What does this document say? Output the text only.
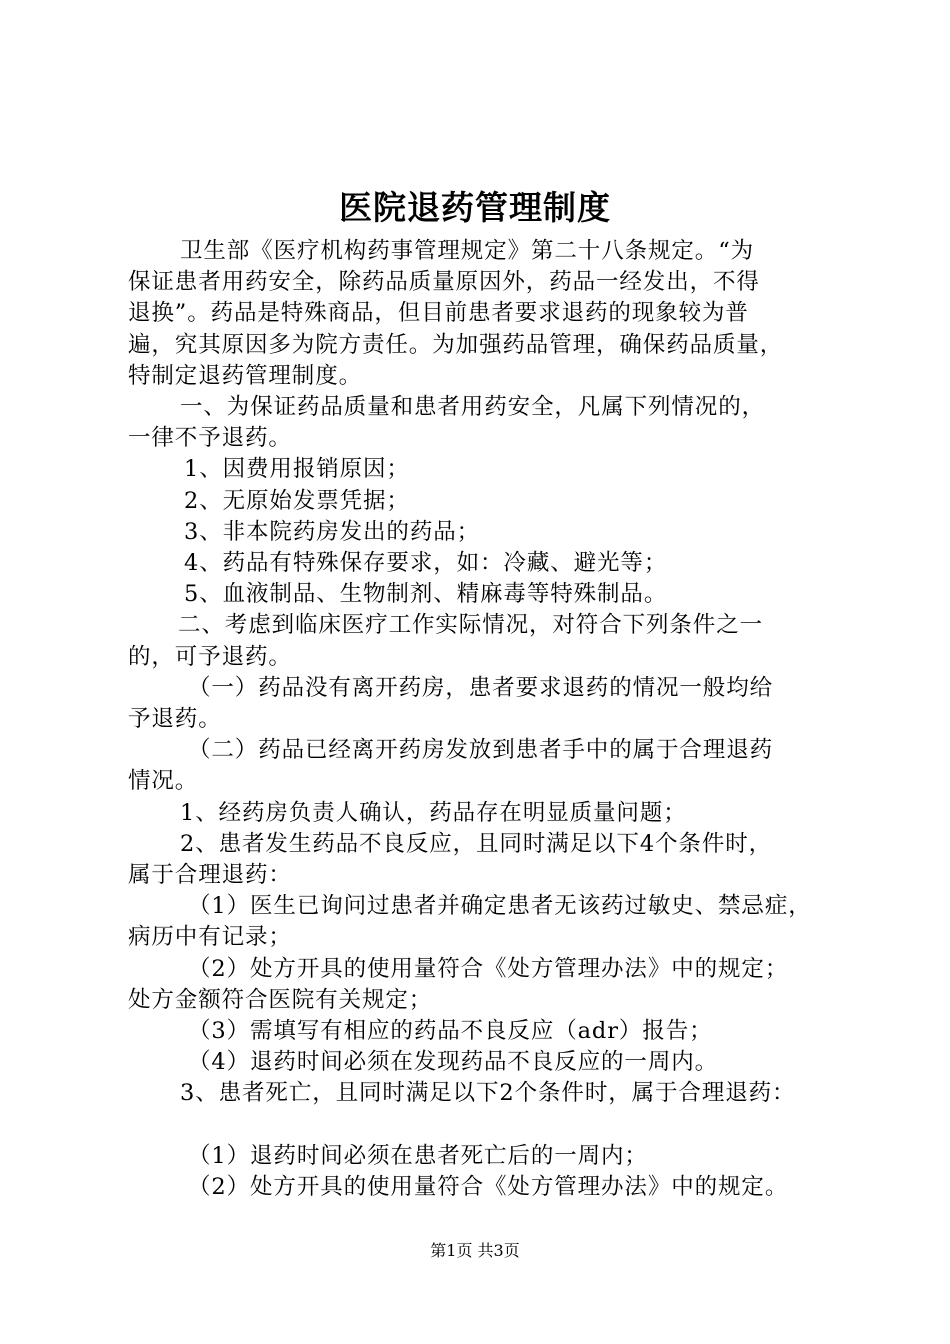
医院退药管理制度

卫生部《医疗机构药事管理规定》第二十八条规定。“为

保证患者用药安全，除药品质量原因外，药品一经发出，不得

退换”。药品是特殊商品，但目前患者要求退药的现象较为普

遍，究其原因多为院方责任。为加强药品管理，确保药品质量，

特制定退药管理制度。

一、为保证药品质量和患者用药安全，凡属下列情况的，

一律不予退药。

1、因费用报销原因；

2、无原始发票凭据；

3、非本院药房发出的药品；

4、药品有特殊保存要求，如：冷藏、避光等；

5、血液制品、生物制剂、精麻毒等特殊制品。

二、考虑到临床医疗工作实际情况，对符合下列条件之一

的，可予退药。

（一）药品没有离开药房，患者要求退药的情况一般均给

予退药。

（二）药品已经离开药房发放到患者手中的属于合理退药

情况。

1、经药房负责人确认，药品存在明显质量问题；

2、患者发生药品不良反应，且同时满足以下4个条件时，

属于合理退药：

（1）医生已询问过患者并确定患者无该药过敏史、禁忌症，

病历中有记录；

（2）处方开具的使用量符合《处方管理办法》中的规定；

处方金额符合医院有关规定；

（3）需填写有相应的药品不良反应（adr）报告；

（4）退药时间必须在发现药品不良反应的一周内。

3、患者死亡，且同时满足以下2个条件时，属于合理退药：

（1）退药时间必须在患者死亡后的一周内；

（2）处方开具的使用量符合《处方管理办法》中的规定。

第1页 共3页
